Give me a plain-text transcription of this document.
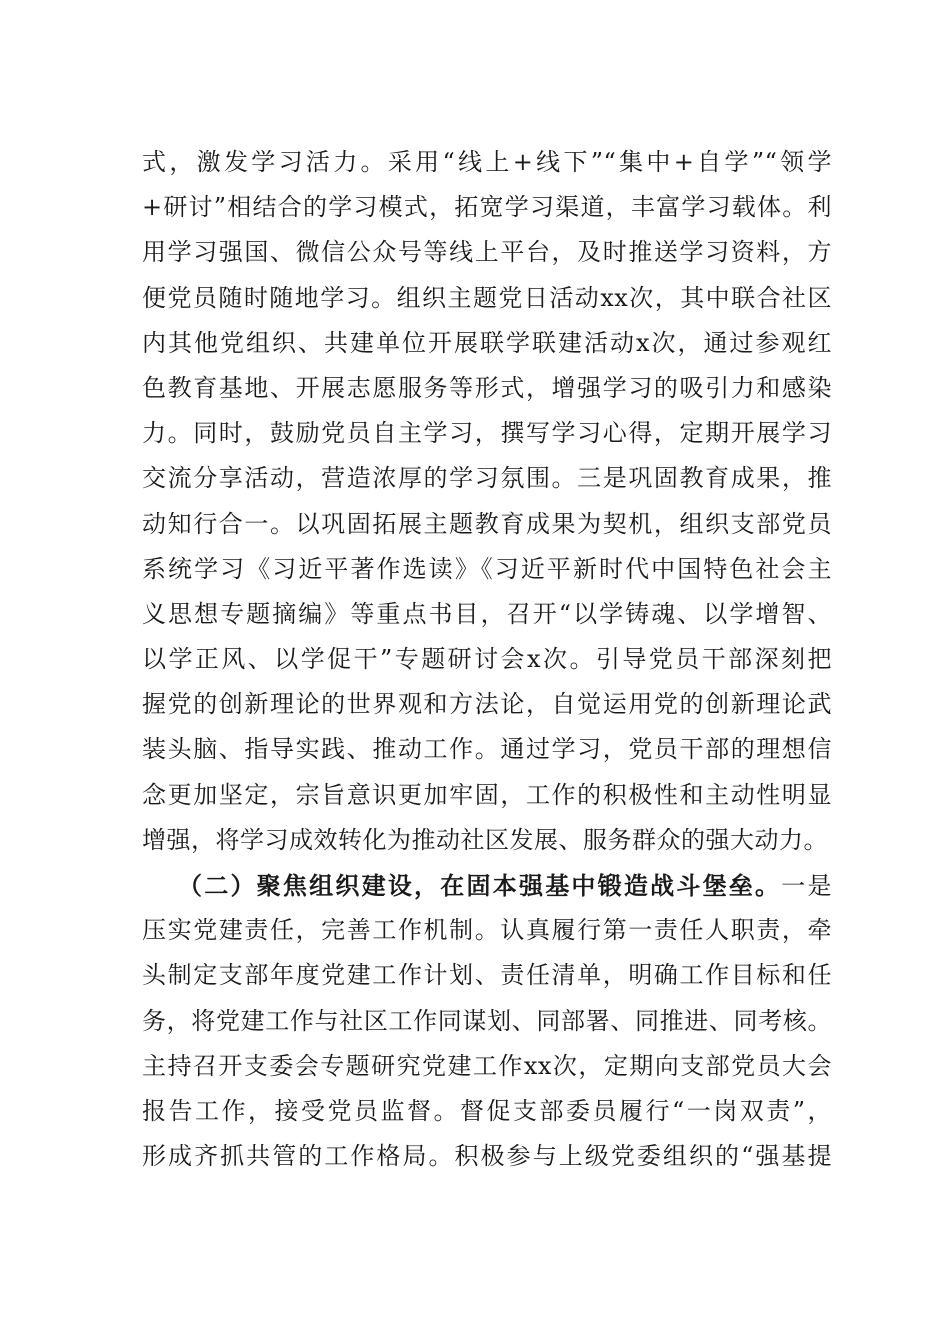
式，激发学习活力。采用“线上+线下”“集中+自学”“领学
+研讨”相结合的学习模式，拓宽学习渠道，丰富学习载体。利
用学习强国、微信公众号等线上平台，及时推送学习资料，方
便党员随时随地学习。组织主题党日活动xx次，其中联合社区
内其他党组织、共建单位开展联学联建活动x次，通过参观红
色教育基地、开展志愿服务等形式，增强学习的吸引力和感染
力。同时，鼓励党员自主学习，撰写学习心得，定期开展学习
交流分享活动，营造浓厚的学习氛围。三是巩固教育成果，推
动知行合一。以巩固拓展主题教育成果为契机，组织支部党员
系统学习《习近平著作选读》《习近平新时代中国特色社会主
义思想专题摘编》等重点书目，召开“以学铸魂、以学增智、
以学正风、以学促干”专题研讨会x次。引导党员干部深刻把
握党的创新理论的世界观和方法论，自觉运用党的创新理论武
装头脑、指导实践、推动工作。通过学习，党员干部的理想信
念更加坚定，宗旨意识更加牢固，工作的积极性和主动性明显
增强，将学习成效转化为推动社区发展、服务群众的强大动力。
（二）聚焦组织建设，在固本强基中锻造战斗堡垒。一是
压实党建责任，完善工作机制。认真履行第一责任人职责，牵
头制定支部年度党建工作计划、责任清单，明确工作目标和任
务，将党建工作与社区工作同谋划、同部署、同推进、同考核。
主持召开支委会专题研究党建工作xx次，定期向支部党员大会
报告工作，接受党员监督。督促支部委员履行“一岗双责”，
形成齐抓共管的工作格局。积极参与上级党委组织的“强基提
